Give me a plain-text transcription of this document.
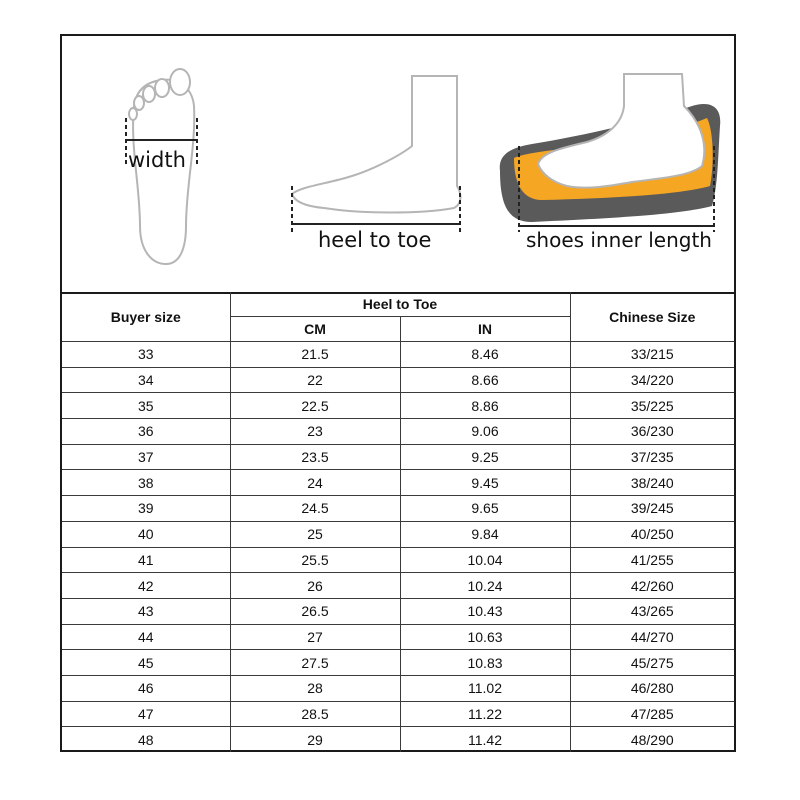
width
heel to toe	shoes inner length
Buyer size	Heel to Toe		Chinese Size
	CM	IN	
33	21.5	8.46	33/215
34	22	8.66	34/220
35	22.5	8.86	35/225
36	23	9.06	36/230
37	23.5	9.25	37/235
38	24	9.45	38/240
39	24.5	9.65	39/245
40	25	9.84	40/250
41	25.5	10.04	41/255
42	26	10.24	42/260
43	26.5	10.43	43/265
44	27	10.63	44/270
45	27.5	10.83	45/275
46	28	11.02	46/280
47	28.5	11.22	47/285
48	29	11.42	48/290
